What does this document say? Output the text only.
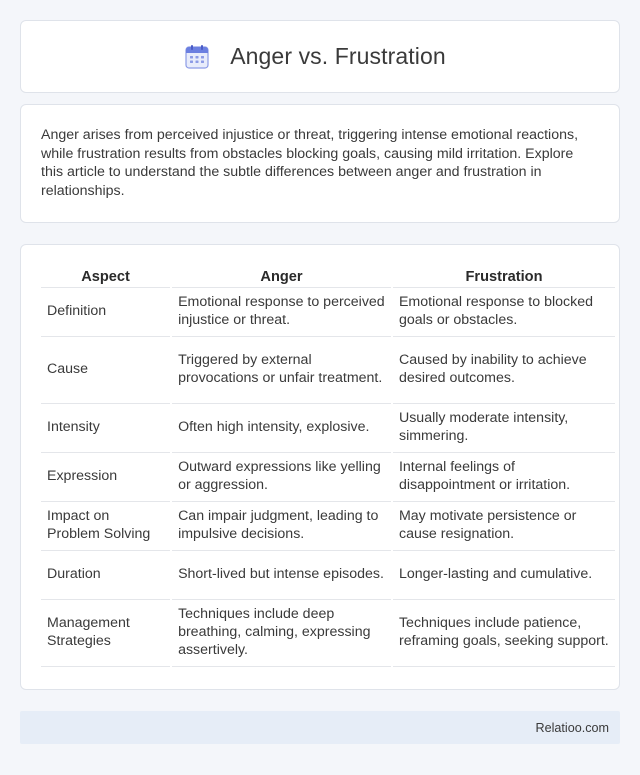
Anger vs. Frustration

Anger arises from perceived injustice or threat, triggering intense emotional reactions, while frustration results from obstacles blocking goals, causing mild irritation. Explore this article to understand the subtle differences between anger and frustration in relationships.

Aspect	Anger	Frustration
Definition	Emotional response to perceived injustice or threat.	Emotional response to blocked goals or obstacles.
Cause	Triggered by external provocations or unfair treatment.	Caused by inability to achieve desired outcomes.
Intensity	Often high intensity, explosive.	Usually moderate intensity, simmering.
Expression	Outward expressions like yelling or aggression.	Internal feelings of disappointment or irritation.
Impact on Problem Solving	Can impair judgment, leading to impulsive decisions.	May motivate persistence or cause resignation.
Duration	Short-lived but intense episodes.	Longer-lasting and cumulative.
Management Strategies	Techniques include deep breathing, calming, expressing assertively.	Techniques include patience, reframing goals, seeking support.
Relatioo.com
